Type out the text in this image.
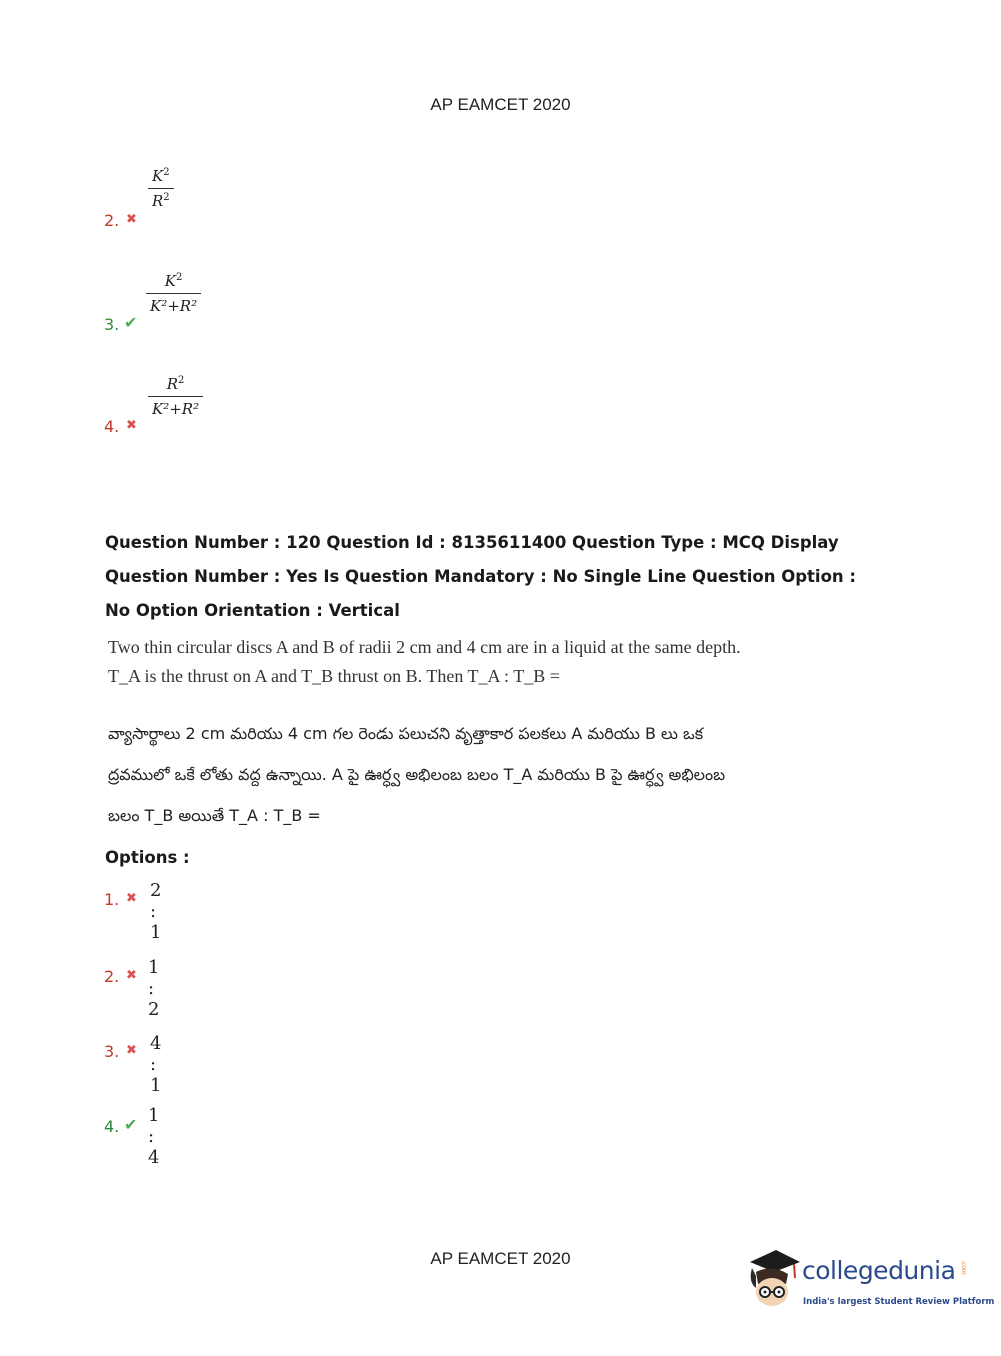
AP EAMCET 2020
2. ✖
$K^2$
$R^2$
3. ✔
$K^2$
K²+R²
4. ✖
$R^2$
K²+R²
Question Number : 120 Question Id : 8135611400 Question Type : MCQ Display Question Number : Yes Is Question Mandatory : No Single Line Question Option : No Option Orientation : Vertical
Two thin circular discs A and B of radii 2 cm and 4 cm are in a liquid at the same depth. T_A is the thrust on A and T_B thrust on B. Then T_A : T_B =
వ్యాసార్థాలు 2 cm మరియు 4 cm గల రెండు పలుచని వృత్తాకార పలకలు A మరియు B లు ఒక ద్రవములో ఒకే లోతు వద్ద ఉన్నాయి. A పై ఊర్ధ్వ అభిలంబ బలం T_A మరియు B పై ఊర్ధ్వ అభిలంబ బలం T_B అయితే T_A : T_B =
Options :
1. ✖ 2 : 1
2. ✖ 1 : 2
3. ✖ 4 : 1
4. ✔ 1 : 4
AP EAMCET 2020	collegedunia .com
India's largest Student Review Platform
